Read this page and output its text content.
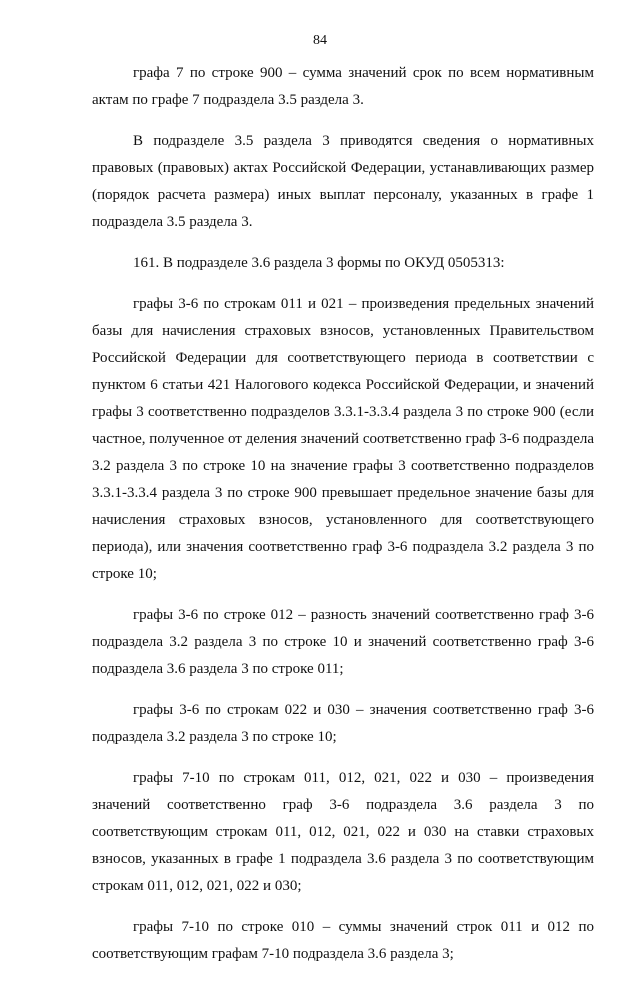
84

графа 7 по строке 900 – сумма значений срок по всем нормативным актам по графе 7 подраздела 3.5 раздела 3.

В подразделе 3.5 раздела 3 приводятся сведения о нормативных правовых (правовых) актах Российской Федерации, устанавливающих размер (порядок расчета размера) иных выплат персоналу, указанных в графе 1 подраздела 3.5 раздела 3.

161. В подразделе 3.6 раздела 3 формы по ОКУД 0505313:

графы 3-6 по строкам 011 и 021 – произведения предельных значений базы для начисления страховых взносов, установленных Правительством Российской Федерации для соответствующего периода в соответствии с пунктом 6 статьи 421 Налогового кодекса Российской Федерации, и значений графы 3 соответственно подразделов 3.3.1-3.3.4 раздела 3 по строке 900 (если частное, полученное от деления значений соответственно граф 3-6 подраздела 3.2 раздела 3 по строке 10 на значение графы 3 соответственно подразделов 3.3.1-3.3.4 раздела 3 по строке 900 превышает предельное значение базы для начисления страховых взносов, установленного для соответствующего периода), или значения соответственно граф 3-6 подраздела 3.2 раздела 3 по строке 10;

графы 3-6 по строке 012 – разность значений соответственно граф 3-6 подраздела 3.2 раздела 3 по строке 10 и значений соответственно граф 3-6 подраздела 3.6 раздела 3 по строке 011;

графы 3-6 по строкам 022 и 030 – значения соответственно граф 3-6 подраздела 3.2 раздела 3 по строке 10;

графы 7-10 по строкам 011, 012, 021, 022 и 030 – произведения значений соответственно граф 3-6 подраздела 3.6 раздела 3 по соответствующим строкам 011, 012, 021, 022 и 030 на ставки страховых взносов, указанных в графе 1 подраздела 3.6 раздела 3 по соответствующим строкам 011, 012, 021, 022 и 030;

графы 7-10 по строке 010 – суммы значений строк 011 и 012 по соответствующим графам 7-10 подраздела 3.6 раздела 3;
